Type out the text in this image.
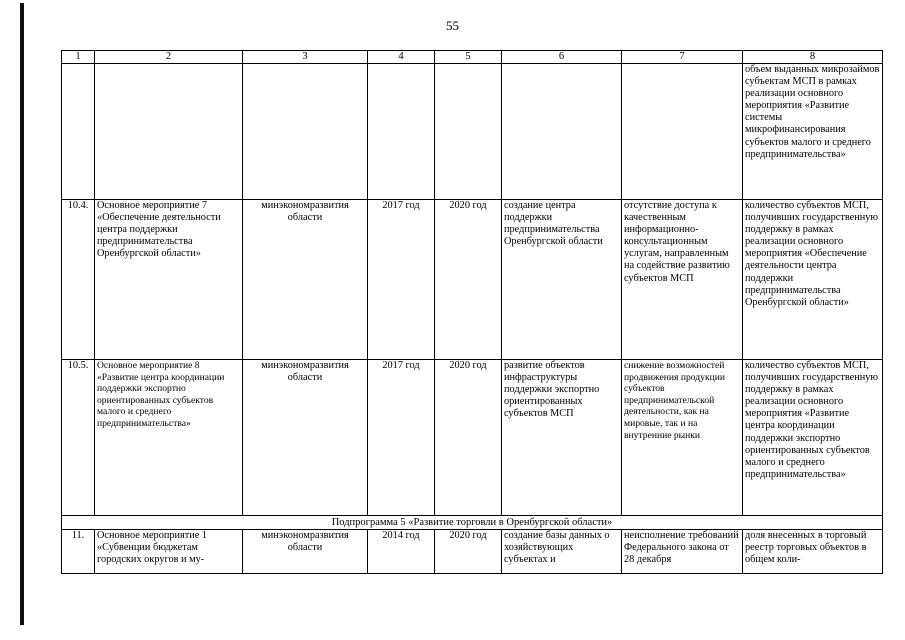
55
1	2	3	4	5	6	7	8
							объем выданных микрозаймов субъектам МСП в рамках реализации основного мероприятия «Развитие системы микрофинансирования субъектов малого и среднего предпринимательства»
10.4.	Основное мероприятие 7 «Обеспечение деятельности центра поддержки предпринимательства Оренбургской области»	минэкономразвития области	2017 год	2020 год	создание центра поддержки предпринимательства Оренбургской области	отсутствие доступа к качественным информационно-консультационным услугам, направленным на содействие развитию субъектов МСП	количество субъектов МСП, получивших государственную поддержку в рамках реализации основного мероприятия «Обеспечение деятельности центра поддержки предпринимательства Оренбургской области»
10.5.	Основное мероприятие 8 «Развитие центра координации поддержки экспортно ориентированных субъектов малого и среднего предпринимательства»	минэкономразвития области	2017 год	2020 год	развитие объектов инфраструктуры поддержки экспортно ориентированных субъектов МСП	снижение возможностей продвижения продукции субъектов предпринимательской деятельности, как на мировые, так и на внутренние рынки	количество субъектов МСП, получивших государственную поддержку в рамках реализации основного мероприятия «Развитие центра координации поддержки экспортно ориентированных субъектов малого и среднего предпринимательства»
Подпрограмма 5 «Развитие торговли в Оренбургской области»							
11.	Основное мероприятие 1 «Субвенции бюджетам городских округов и му-	минэкономразвития области	2014 год	2020 год	создание базы данных о хозяйствующих субъектах и	неисполнение требований Федерального закона от 28 декабря	доля внесенных в торговый реестр торговых объектов в общем коли-
